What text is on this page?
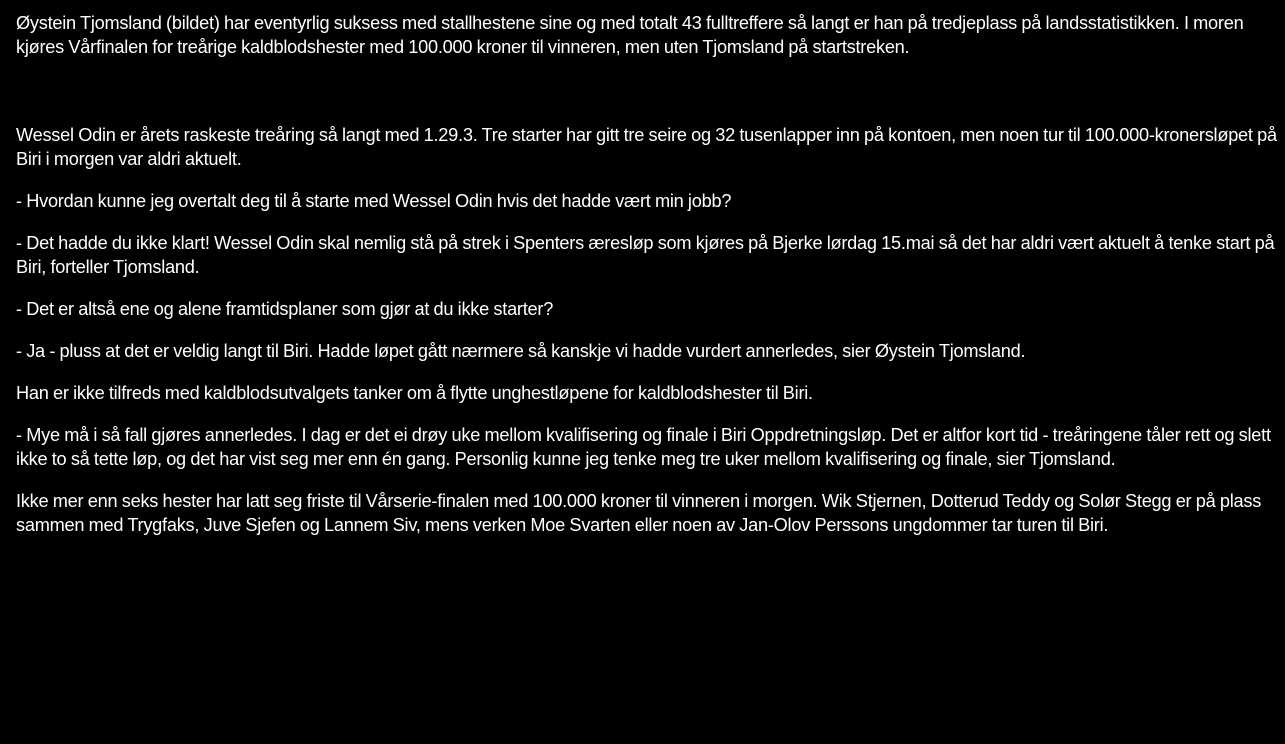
Øystein Tjomsland (bildet) har eventyrlig suksess med stallhestene sine og med totalt 43 fulltreffere så langt er han på tredjeplass på landsstatistikken. I moren kjøres Vårfinalen for treårige kaldblodshester med 100.000 kroner til vinneren, men uten Tjomsland på startstreken.

Wessel Odin er årets raskeste treåring så langt med 1.29.3. Tre starter har gitt tre seire og 32 tusenlapper inn på kontoen, men noen tur til 100.000-kronersløpet på Biri i morgen var aldri aktuelt.

- Hvordan kunne jeg overtalt deg til å starte med Wessel Odin hvis det hadde vært min jobb?

- Det hadde du ikke klart! Wessel Odin skal nemlig stå på strek i Spenters æresløp som kjøres på Bjerke lørdag 15.mai så det har aldri vært aktuelt å tenke start på Biri, forteller Tjomsland.

- Det er altså ene og alene framtidsplaner som gjør at du ikke starter?

- Ja - pluss at det er veldig langt til Biri. Hadde løpet gått nærmere så kanskje vi hadde vurdert annerledes, sier Øystein Tjomsland.

Han er ikke tilfreds med kaldblodsutvalgets tanker om å flytte unghestløpene for kaldblodshester til Biri.

- Mye må i så fall gjøres annerledes. I dag er det ei drøy uke mellom kvalifisering og finale i Biri Oppdretningsløp. Det er altfor kort tid - treåringene tåler rett og slett ikke to så tette løp, og det har vist seg mer enn én gang. Personlig kunne jeg tenke meg tre uker mellom kvalifisering og finale, sier Tjomsland.

Ikke mer enn seks hester har latt seg friste til Vårserie-finalen med 100.000 kroner til vinneren i morgen. Wik Stjernen, Dotterud Teddy og Solør Stegg er på plass sammen med Trygfaks, Juve Sjefen og Lannem Siv, mens verken Moe Svarten eller noen av Jan-Olov Perssons ungdommer tar turen til Biri.
